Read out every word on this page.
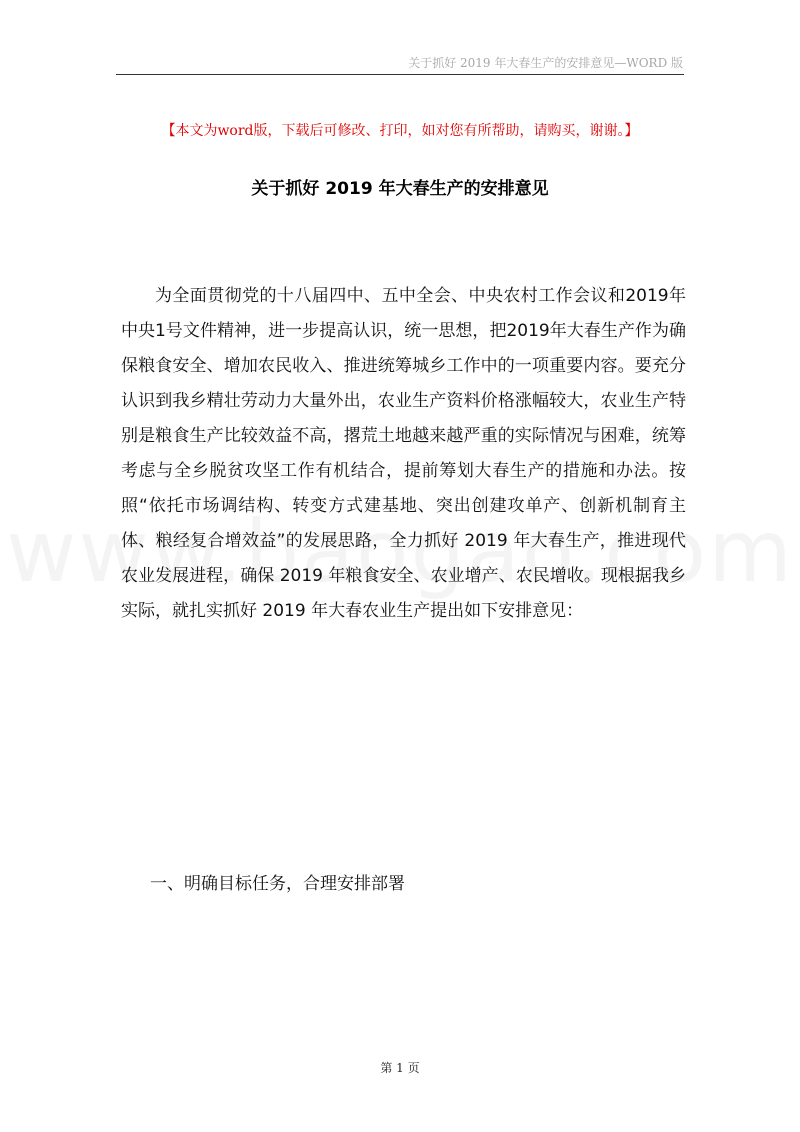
关于抓好 2019 年大春生产的安排意见—WORD 版
【本文为word版，下载后可修改、打印，如对您有所帮助，请购买，谢谢。】
关于抓好 2019 年大春生产的安排意见

为全面贯彻党的十八届四中、五中全会、中央农村工作会议和2019年中央1号文件精神，进一步提高认识，统一思想，把2019年大春生产作为确保粮食安全、增加农民收入、推进统筹城乡工作中的一项重要内容。要充分认识到我乡精壮劳动力大量外出，农业生产资料价格涨幅较大，农业生产特别是粮食生产比较效益不高，撂荒土地越来越严重的实际情况与困难，统筹考虑与全乡脱贫攻坚工作有机结合，提前筹划大春生产的措施和办法。按照“依托市场调结构、转变方式建基地、突出创建攻单产、创新机制育主体、粮经复合增效益”的发展思路，全力抓好 2019 年大春生产，推进现代农业发展进程，确保 2019 年粮食安全、农业增产、农民增收。现根据我乡实际，就扎实抓好 2019 年大春农业生产提出如下安排意见：

一、明确目标任务，合理安排部署

第 1 页
